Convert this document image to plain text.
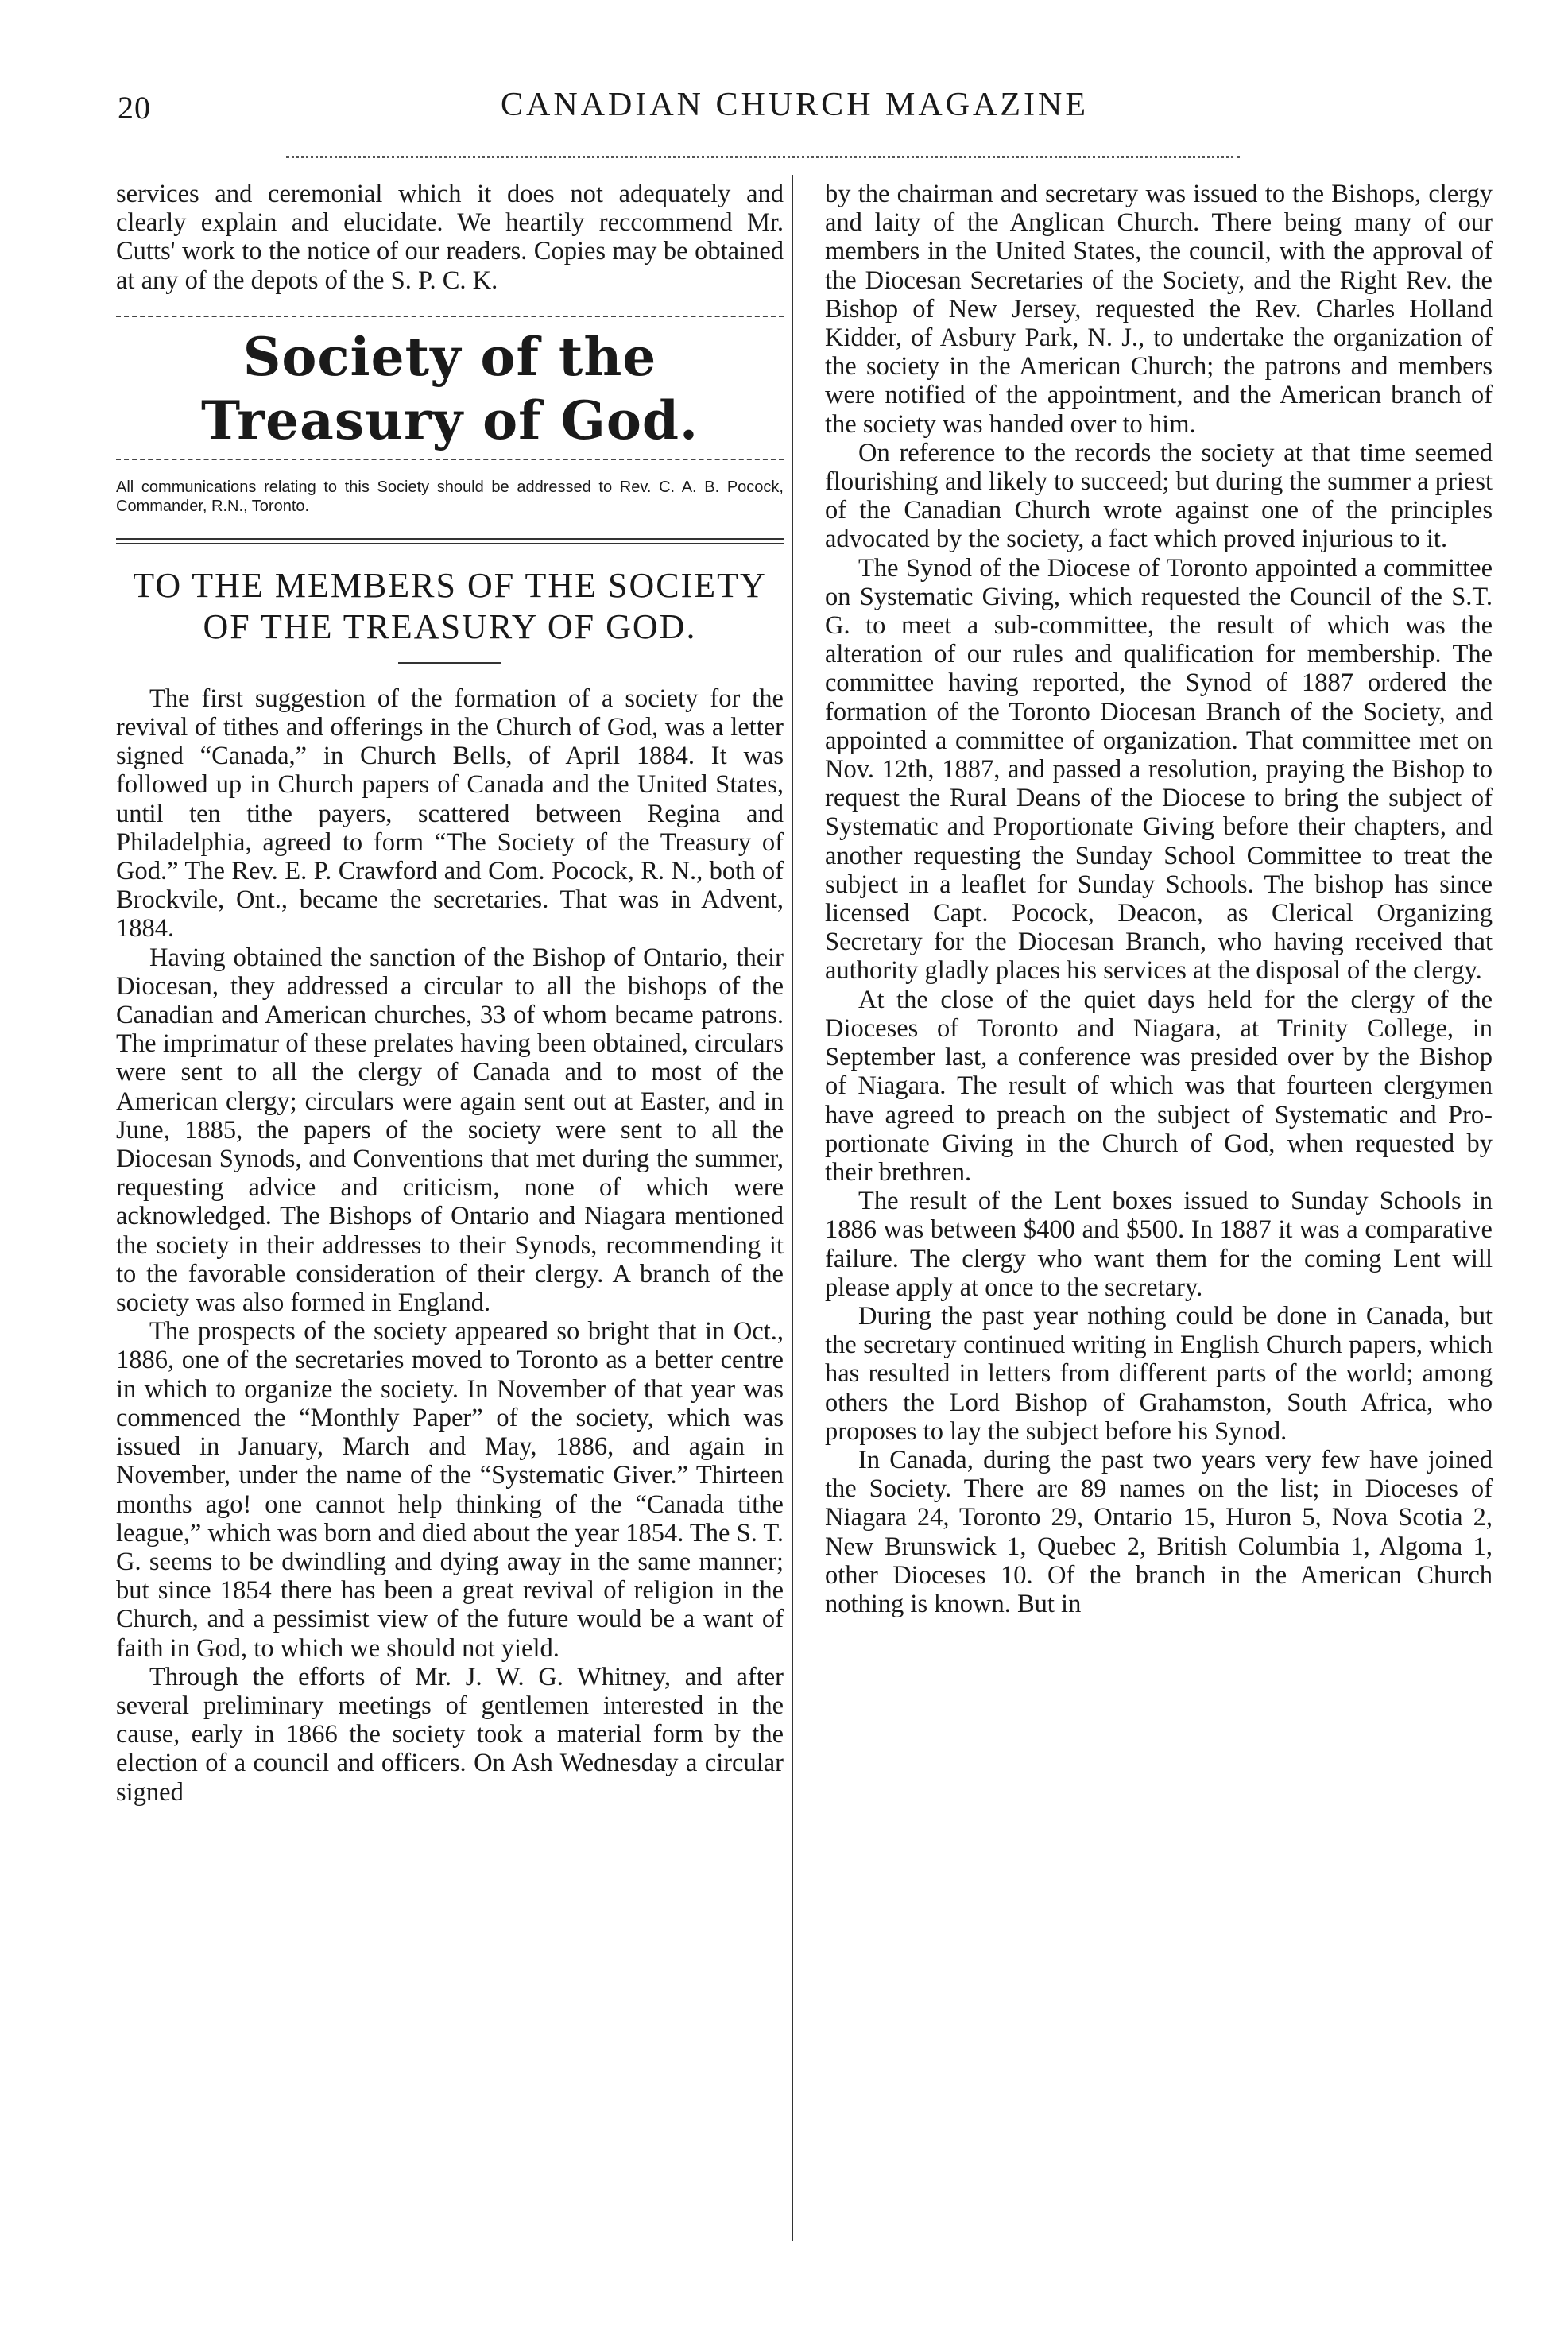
20	CANADIAN CHURCH MAGAZINE

services and ceremonial which it does not adequately and clearly explain and elucidate. We heartily reccommend Mr. Cutts' work to the notice of our readers. Copies may be obtained at any of the depots of the S. P. C. K.

Society of the Treasury of God.
All communications relating to this Society should be addressed to Rev. C. A. B. Pocock, Commander, R.N., Toronto.
TO THE MEMBERS OF THE SOCIETY OF THE TREASURY OF GOD.

The first suggestion of the formation of a society for the revival of tithes and offerings in the Church of God, was a letter signed “Canada,” in Church Bells, of April 1884. It was followed up in Church papers of Canada and the United States, until ten tithe payers, scattered between Regina and Philadelphia, agreed to form “The Society of the Treasury of God.” The Rev. E. P. Crawford and Com. Pocock, R. N., both of Brockvile, Ont., became the secretaries. That was in Advent, 1884.

Having obtained the sanction of the Bishop of Ontario, their Diocesan, they addressed a circular to all the bishops of the Canadian and American churches, 33 of whom became patrons. The imprimatur of these prelates having been obtained, circulars were sent to all the clergy of Canada and to most of the American clergy; circulars were again sent out at Easter, and in June, 1885, the papers of the society were sent to all the Diocesan Synods, and Conventions that met during the summer, requesting advice and criticism, none of which were acknowledged. The Bishops of Ontario and Niagara mentioned the society in their addresses to their Synods, recommending it to the favorable consideration of their clergy. A branch of the society was also formed in England.

The prospects of the society appeared so bright that in Oct., 1886, one of the secretaries moved to Toronto as a better centre in which to organize the society. In November of that year was commenced the “Monthly Paper” of the society, which was issued in January, March and May, 1886, and again in November, under the name of the “Systematic Giver.” Thirteen months ago! one cannot help thinking of the “Canada tithe league,” which was born and died about the year 1854. The S. T. G. seems to be dwindling and dying away in the same manner; but since 1854 there has been a great revival of religion in the Church, and a pessimist view of the future would be a want of faith in God, to which we should not yield.

Through the efforts of Mr. J. W. G. Whitney, and after several preliminary meetings of gentlemen interested in the cause, early in 1866 the society took a material form by the election of a council and officers. On Ash Wednesday a circular signed

by the chairman and secretary was issued to the Bishops, clergy and laity of the Anglican Church. There being many of our members in the United States, the council, with the approval of the Diocesan Secretaries of the Society, and the Right Rev. the Bishop of New Jersey, requested the Rev. Charles Holland Kidder, of Asbury Park, N. J., to undertake the organization of the society in the American Church; the patrons and members were notified of the appointment, and the American branch of the society was handed over to him.

On reference to the records the society at that time seemed flourishing and likely to succeed; but during the summer a priest of the Canadian Church wrote against one of the principles advocated by the society, a fact which proved injurious to it.

The Synod of the Diocese of Toronto appointed a committee on Systematic Giving, which requested the Council of the S.T. G. to meet a sub-committee, the result of which was the alteration of our rules and qualification for membership. The committee having reported, the Synod of 1887 ordered the formation of the Toronto Diocesan Branch of the Society, and appointed a committee of organization. That committee met on Nov. 12th, 1887, and passed a resolution, praying the Bishop to request the Rural Deans of the Diocese to bring the subject of Systematic and Proportionate Giving before their chapters, and another requesting the Sunday School Committee to treat the subject in a leaflet for Sunday Schools. The bishop has since licensed Capt. Pocock, Deacon, as Clerical Organizing Secretary for the Diocesan Branch, who having received that authority gladly places his services at the disposal of the clergy.

At the close of the quiet days held for the clergy of the Dioceses of Toronto and Niagara, at Trinity College, in September last, a conference was presided over by the Bishop of Niagara. The result of which was that fourteen clergymen have agreed to preach on the subject of Systematic and Proportionate Giving in the Church of God, when requested by their brethren.

The result of the Lent boxes issued to Sunday Schools in 1886 was between $400 and $500. In 1887 it was a comparative failure. The clergy who want them for the coming Lent will please apply at once to the secretary.

During the past year nothing could be done in Canada, but the secretary continued writing in English Church papers, which has resulted in letters from different parts of the world; among others the Lord Bishop of Grahamston, South Africa, who proposes to lay the subject before his Synod.

In Canada, during the past two years very few have joined the Society. There are 89 names on the list; in Dioceses of Niagara 24, Toronto 29, Ontario 15, Huron 5, Nova Scotia 2, New Brunswick 1, Quebec 2, British Columbia 1, Algoma 1, other Dioceses 10. Of the branch in the American Church nothing is known. But in
